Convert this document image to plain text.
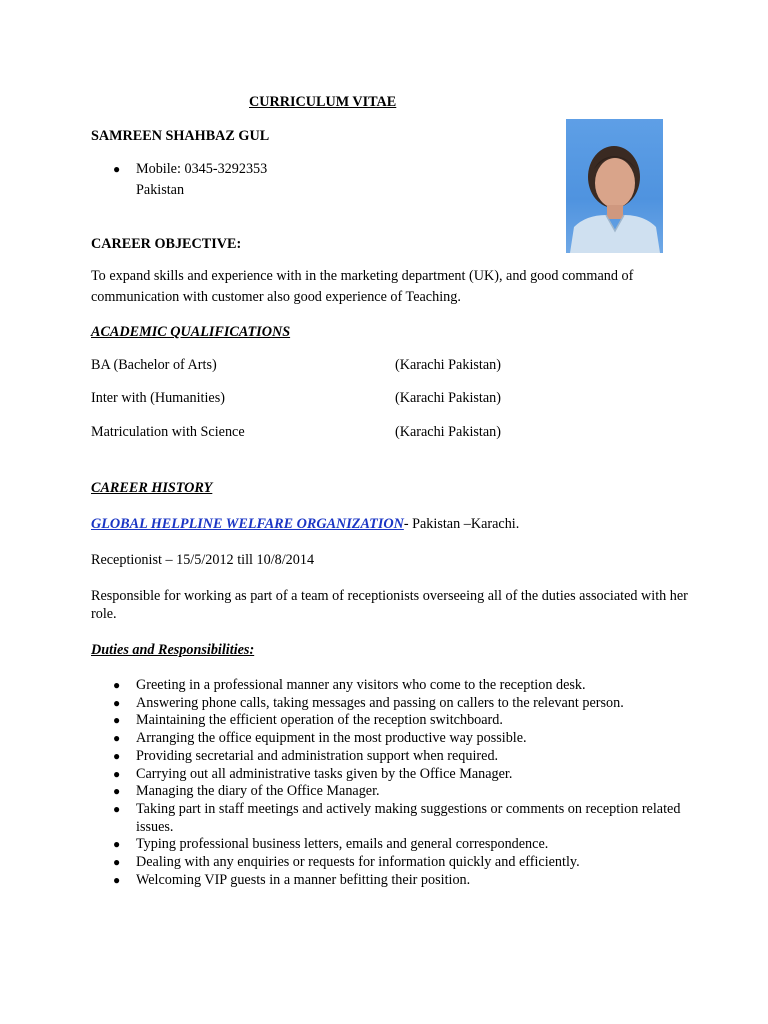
CURRICULUM VITAE
SAMREEN SHAHBAZ GUL
● Mobile: 0345-3292353
Pakistan
CAREER OBJECTIVE:
To expand skills and experience with in the marketing department (UK), and good command of communication with customer also good experience of Teaching.
ACADEMIC QUALIFICATIONS
BA (Bachelor of Arts)	(Karachi Pakistan)
Inter with (Humanities)	(Karachi Pakistan)
Matriculation with Science	(Karachi Pakistan)
CAREER HISTORY
GLOBAL HELPLINE WELFARE ORGANIZATION- Pakistan –Karachi.
Receptionist – 15/5/2012 till 10/8/2014
Responsible for working as part of a team of receptionists overseeing all of the duties associated with her role.
Duties and Responsibilities:
● Greeting in a professional manner any visitors who come to the reception desk.
● Answering phone calls, taking messages and passing on callers to the relevant person.
● Maintaining the efficient operation of the reception switchboard.
● Arranging the office equipment in the most productive way possible.
● Providing secretarial and administration support when required.
● Carrying out all administrative tasks given by the Office Manager.
● Managing the diary of the Office Manager.
● Taking part in staff meetings and actively making suggestions or comments on reception related issues.
● Typing professional business letters, emails and general correspondence.
● Dealing with any enquiries or requests for information quickly and efficiently.
● Welcoming VIP guests in a manner befitting their position.
